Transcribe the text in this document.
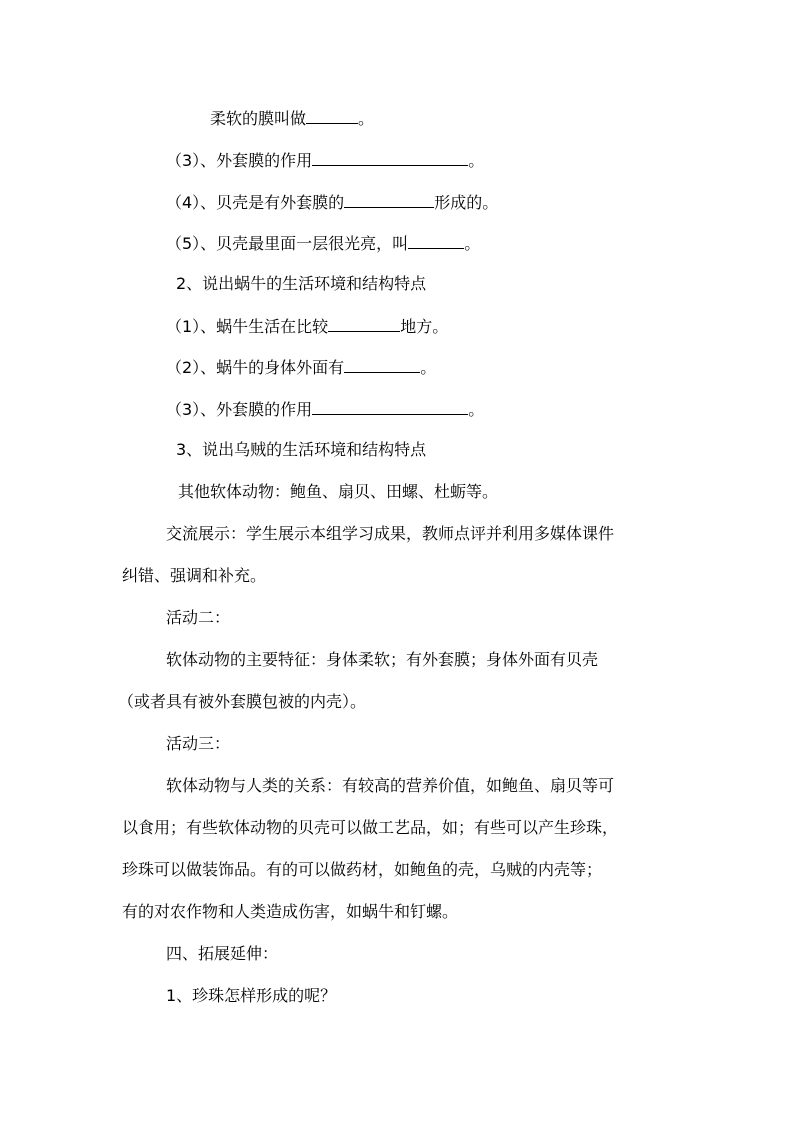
柔软的膜叫做	。
（3）、外套膜的作用	。
（4）、贝壳是有外套膜的	形成的。
（5）、贝壳最里面一层很光亮，叫	。
2、说出蜗牛的生活环境和结构特点
（1）、蜗牛生活在比较	地方。
（2）、蜗牛的身体外面有	。
（3）、外套膜的作用	。
3、说出乌贼的生活环境和结构特点
其他软体动物：鲍鱼、扇贝、田螺、杜蛎等。
交流展示：学生展示本组学习成果，教师点评并利用多媒体课件
纠错、强调和补充。
活动二：
软体动物的主要特征：身体柔软；有外套膜；身体外面有贝壳
（或者具有被外套膜包被的内壳）。
活动三：
软体动物与人类的关系：有较高的营养价值，如鲍鱼、扇贝等可
以食用；有些软体动物的贝壳可以做工艺品，如；有些可以产生珍珠，
珍珠可以做装饰品。有的可以做药材，如鲍鱼的壳，乌贼的内壳等；
有的对农作物和人类造成伤害，如蜗牛和钉螺。
四、拓展延伸：
1、珍珠怎样形成的呢？
